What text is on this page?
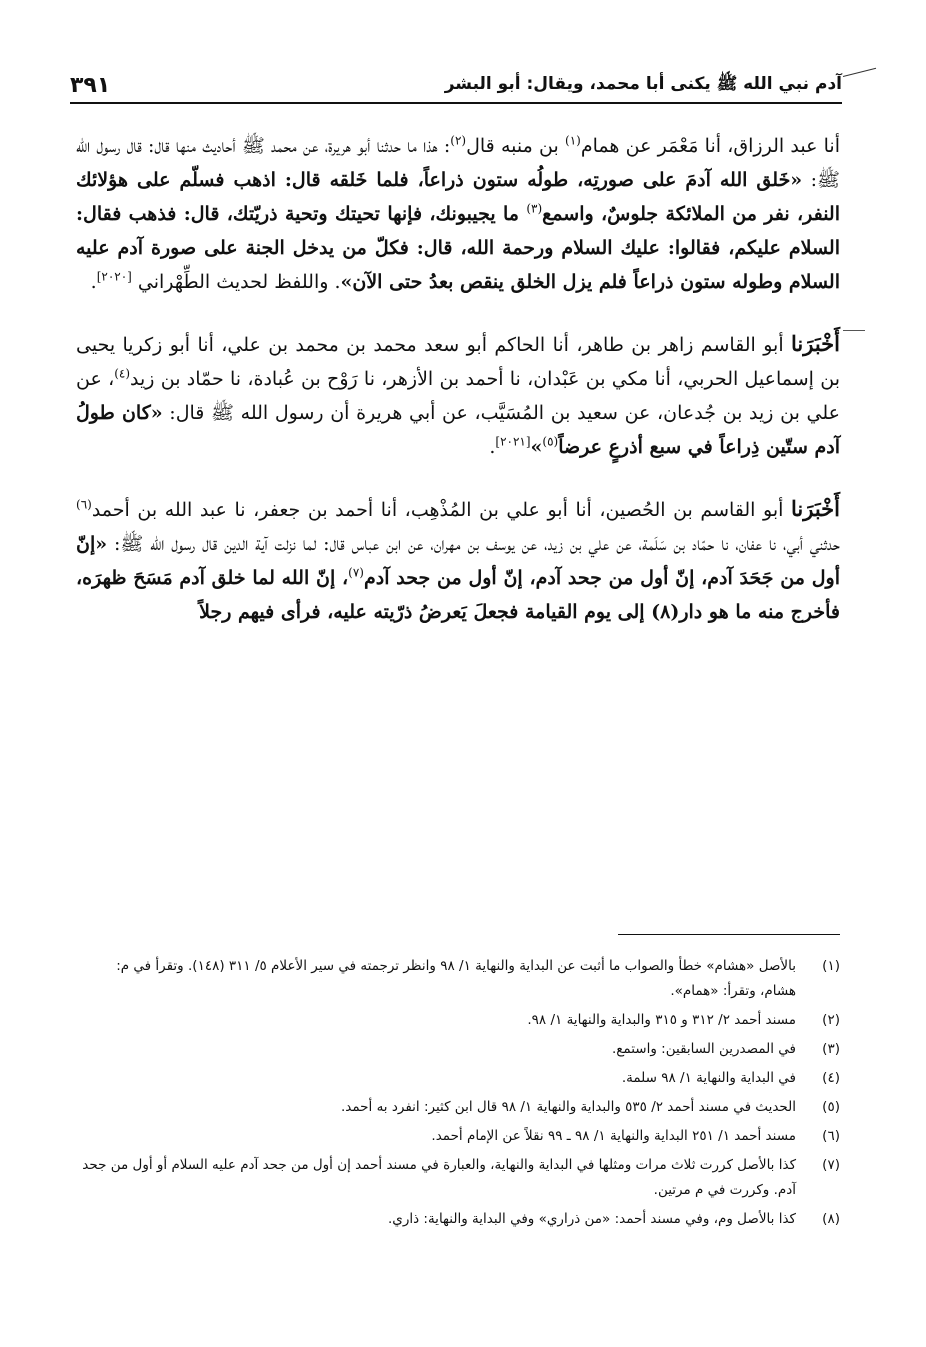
آدم نبي الله ﷺ يكنى أبا محمد، ويقال: أبو البشر
٣٩١

أنا عبد الرزاق، أنا مَعْمَر عن همام$^{(١)}$ بن منبه قال$^{(٢)}$: هذا ما حدثنا أبو هريرة، عن محمد ﷺ أحاديث منها قال: قال رسول الله ﷺ: «خَلق الله آدمَ على صورتِه، طولُه ستون ذراعاً، فلما خَلقه قال: اذهب فسلّم على هؤلائك النفر، نفر من الملائكة جلوسٌ، واسمع$^{(٣)}$ ما يجيبونك، فإنها تحيتك وتحية ذريّتك، قال: فذهب فقال: السلام عليكم، فقالوا: عليك السلام ورحمة الله، قال: فكلّ من يدخل الجنة على صورة آدم عليه السلام وطوله ستون ذراعاً فلم يزل الخلق ينقص بعدُ حتى الآن». واللفظ لحديث الطِّهْراني [٢٠٢٠].

أَخْبَرَنا أبو القاسم زاهر بن طاهر، أنا الحاكم أبو سعد محمد بن محمد بن علي، أنا أبو زكريا يحيى بن إسماعيل الحربي، أنا مكي بن عَبْدان، نا أحمد بن الأزهر، نا رَوْح بن عُبادة، نا حمّاد بن زيد$^{(٤)}$، عن علي بن زيد بن جُدعان، عن سعيد بن المُسَيَّب، عن أبي هريرة أن رسول الله ﷺ قال: «كان طولُ آدم ستّين ذِراعاً في سبع أذرعٍ عرضاً$^{(٥)}$»[٢٠٢١].

أَخْبَرَنا أبو القاسم بن الحُصين، أنا أبو علي بن المُذْهِب، أنا أحمد بن جعفر، نا عبد الله بن أحمد$^{(٦)}$ حدثني أبي، نا عفان، نا حمّاد بن سَلَمة، عن علي بن زيد، عن يوسف بن مهران، عن ابن عباس قال: لما نزلت آية الدين قال رسول الله ﷺ: «إنّ أول من جَحَدَ آدم، إنّ أول من جحد آدم، إنّ أول من جحد آدم$^{(٧)}$، إنّ الله لما خلق آدم مَسَحَ ظهرَه، فأخرج منه ما هو دار(٨) إلى يوم القيامة فجعلَ يَعرضُ ذرّيته عليه، فرأى فيهم رجلاً

(١)
بالأصل «هشام» خطأ والصواب ما أثبت عن البداية والنهاية ١/ ٩٨ وانظر ترجمته في سير الأعلام ٥/ ٣١١ (١٤٨). وتقرأ في م: هشام، وتقرأ: «همام».
(٢)
مسند أحمد ٢/ ٣١٢ و ٣١٥ والبداية والنهاية ١/ ٩٨.
(٣)
في المصدرين السابقين: واستمع.
(٤)
في البداية والنهاية ١/ ٩٨ سلمة.
(٥)
الحديث في مسند أحمد ٢/ ٥٣٥ والبداية والنهاية ١/ ٩٨ قال ابن كثير: انفرد به أحمد.
(٦)
مسند أحمد ١/ ٢٥١ البداية والنهاية ١/ ٩٨ ـ ٩٩ نقلاً عن الإمام أحمد.
(٧)
كذا بالأصل كررت ثلاث مرات ومثلها في البداية والنهاية، والعبارة في مسند أحمد إن أول من جحد آدم عليه السلام أو أول من جحد آدم. وكررت في م مرتين.
(٨)
كذا بالأصل وم، وفي مسند أحمد: «من ذراري» وفي البداية والنهاية: ذاري.
